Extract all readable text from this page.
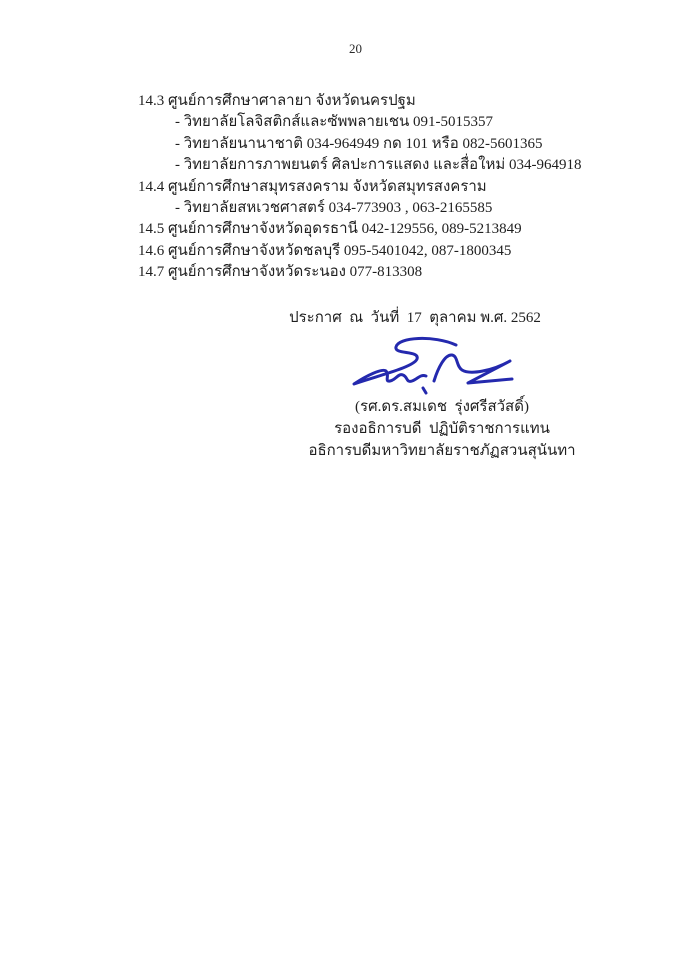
20
14.3 ศูนย์การศึกษาศาลายา จังหวัดนครปฐม
- วิทยาลัยโลจิสติกส์และซัพพลายเชน 091-5015357
- วิทยาลัยนานาชาติ 034-964949 กด 101 หรือ 082-5601365
- วิทยาลัยการภาพยนตร์ ศิลปะการแสดง และสื่อใหม่ 034-964918
14.4 ศูนย์การศึกษาสมุทรสงคราม จังหวัดสมุทรสงคราม
- วิทยาลัยสหเวชศาสตร์ 034-773903 , 063-2165585
14.5 ศูนย์การศึกษาจังหวัดอุดรธานี 042-129556, 089-5213849
14.6 ศูนย์การศึกษาจังหวัดชลบุรี 095-5401042, 087-1800345
14.7 ศูนย์การศึกษาจังหวัดระนอง 077-813308
ประกาศ  ณ  วันที่  17  ตุลาคม พ.ศ. 2562
(รศ.ดร.สมเดช  รุ่งศรีสวัสดิ์)
รองอธิการบดี  ปฏิบัติราชการแทน
อธิการบดีมหาวิทยาลัยราชภัฏสวนสุนันทา
